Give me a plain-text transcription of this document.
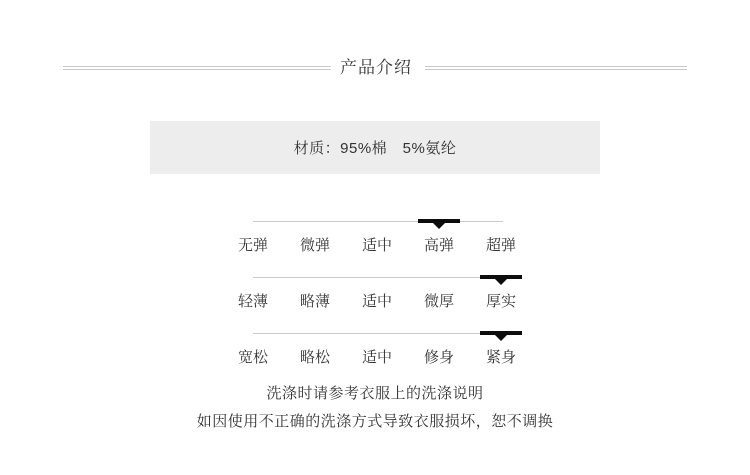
产品介绍
材质：95%棉　5%氨纶
无弹	微弹	适中	高弹	超弹
轻薄	略薄	适中	微厚	厚实
宽松	略松	适中	修身	紧身
洗涤时请参考衣服上的洗涤说明
如因使用不正确的洗涤方式导致衣服损坏，恕不调换
